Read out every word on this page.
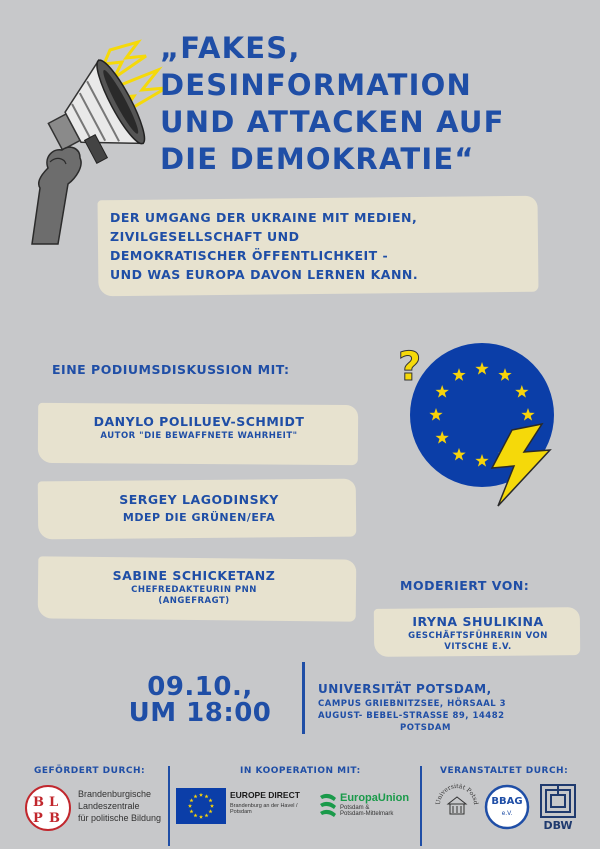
„FAKES,
DESINFORMATION
UND ATTACKEN AUF
DIE DEMOKRATIE“
DER UMGANG DER UKRAINE MIT MEDIEN,
ZIVILGESELLSCHAFT UND
DEMOKRATISCHER ÖFFENTLICHKEIT -
UND WAS EUROPA DAVON LERNEN KANN.
EINE PODIUMSDISKUSSION MIT:
DANYLO POLILUEV-SCHMIDT
AUTOR "DIE BEWAFFNETE WAHRHEIT"
SERGEY LAGODINSKY
MDEP DIE GRÜNEN/EFA
SABINE SCHICKETANZ
CHEFREDAKTEURIN PNN
(ANGEFRAGT)
?
MODERIERT VON:
IRYNA SHULIKINA
GESCHÄFTSFÜHRERIN VON
VITSCHE E.V.
09.10.,
UM 18:00
UNIVERSITÄT POTSDAM,
CAMPUS GRIEBNITZSEE, HÖRSAAL 3
AUGUST- BEBEL-STRASSE 89, 14482
POTSDAM
GEFÖRDERT DURCH:	IN KOOPERATION MIT:	VERANSTALTET DURCH:
B L
P B
Brandenburgische
Landeszentrale
für politische Bildung
EUROPE DIRECT
Brandenburg an der Havel /
Potsdam
EuropaUnion
Potsdam &
Potsdam-Mittelmark
Universität Potsd	BBAG
e.V.
DBW
